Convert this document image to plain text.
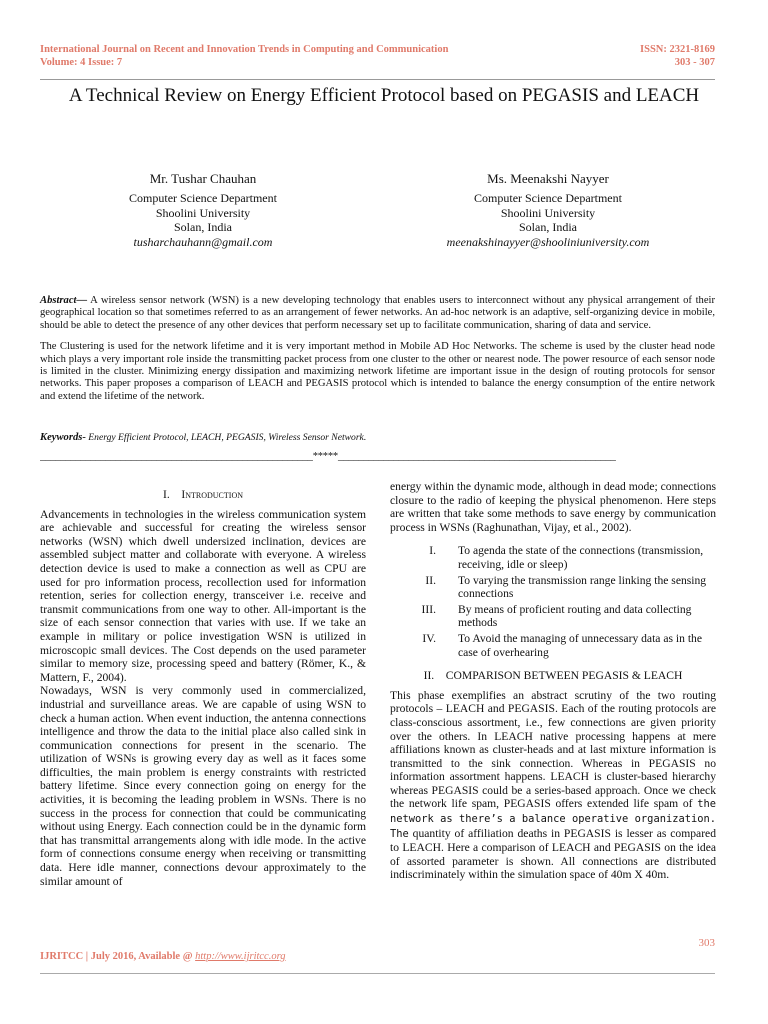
International Journal on Recent and Innovation Trends in Computing and Communication
Volume: 4 Issue: 7
ISSN: 2321-8169
303 - 307
A Technical Review on Energy Efficient Protocol based on PEGASIS and LEACH
Mr. Tushar Chauhan
Computer Science Department
Shoolini University
Solan, India
tusharchauhann@gmail.com
Ms. Meenakshi Nayyer
Computer Science Department
Shoolini University
Solan, India
meenakshinayyer@shooliniuniversity.com

Abstract— A wireless sensor network (WSN) is a new developing technology that enables users to interconnect without any physical arrangement of their geographical location so that sometimes referred to as an arrangement of fewer networks. An ad-hoc network is an adaptive, self-organizing device in mobile, should be able to detect the presence of any other devices that perform necessary set up to facilitate communication, sharing of data and service.

The Clustering is used for the network lifetime and it is very important method in Mobile AD Hoc Networks. The scheme is used by the cluster head node which plays a very important role inside the transmitting packet process from one cluster to the other or nearest node. The power resource of each sensor node is limited in the cluster. Minimizing energy dissipation and maximizing network lifetime are important issue in the design of routing protocols for sensor networks. This paper proposes a comparison of LEACH and PEGASIS protocol which is intended to balance the energy consumption of the entire network and extend the lifetime of the network.

Keywords- Energy Efficient Protocol, LEACH, PEGASIS, Wireless Sensor Network.
______________________________________________________*****_______________________________________________________
I. Introduction

Advancements in technologies in the wireless communication system are achievable and successful for creating the wireless sensor networks (WSN) which dwell undersized inclination, devices are assembled subject matter and collaborate with everyone. A wireless detection device is used to make a connection as well as CPU are used for pro information process, recollection used for information retention, series for collection energy, transceiver i.e. receive and transmit communications from one way to other. All-important is the size of each sensor connection that varies with use. If we take an example in military or police investigation WSN is utilized in microscopic small devices. The Cost depends on the used parameter similar to memory size, processing speed and battery (Römer, K., & Mattern, F., 2004).

Nowadays, WSN is very commonly used in commercialized, industrial and surveillance areas. We are capable of using WSN to check a human action. When event induction, the antenna connections intelligence and throw the data to the initial place also called sink in communication connections for present in the scenario. The utilization of WSNs is growing every day as well as it faces some difficulties, the main problem is energy constraints with restricted battery lifetime. Since every connection going on energy for the activities, it is becoming the leading problem in WSNs. There is no success in the process for connection that could be communicating without using Energy. Each connection could be in the dynamic form that has transmittal arrangements along with idle mode. In the active form of connections consume energy when receiving or transmitting data. Here idle manner, connections devour approximately to the similar amount of

energy within the dynamic mode, although in dead mode; connections closure to the radio of keeping the physical phenomenon. Here steps are written that take some methods to save energy by communication process in WSNs (Raghunathan, Vijay, et al., 2002).

I.	To agenda the state of the connections (transmission, receiving, idle or sleep)
II.	To varying the transmission range linking the sensing connections
III.	By means of proficient routing and data collecting methods
IV.	To Avoid the managing of unnecessary data as in the case of overhearing
II. COMPARISON BETWEEN PEGASIS & LEACH

This phase exemplifies an abstract scrutiny of the two routing protocols – LEACH and PEGASIS. Each of the routing protocols are class-conscious assortment, i.e., few connections are given priority over the others. In LEACH native processing happens at mere affiliations known as cluster-heads and at last mixture information is transmitted to the sink connection. Whereas in PEGASIS no information assortment happens. LEACH is cluster-based hierarchy whereas PEGASIS could be a series-based approach. Once we check the network life spam, PEGASIS offers extended life spam of the network as there’s a balance operative organization. The quantity of affiliation deaths in PEGASIS is lesser as compared to LEACH. Here a comparison of LEACH and PEGASIS on the idea of assorted parameter is shown. All connections are distributed indiscriminately within the simulation space of 40m X 40m.

303
IJRITCC | July 2016, Available @ http://www.ijritcc.org
